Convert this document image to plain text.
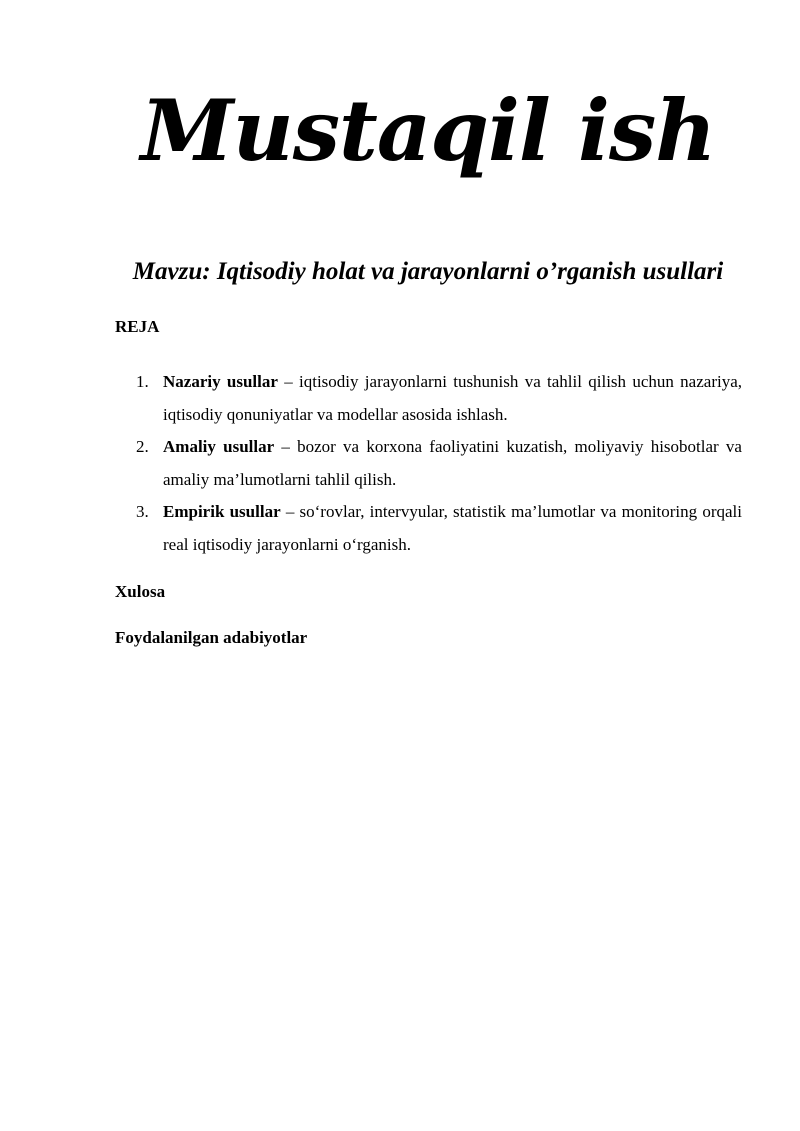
Mustaqil ish
Mavzu: Iqtisodiy holat va jarayonlarni o’rganish usullari
REJA
1. Nazariy usullar – iqtisodiy jarayonlarni tushunish va tahlil qilish uchun nazariya, iqtisodiy qonuniyatlar va modellar asosida ishlash.
2. Amaliy usullar – bozor va korxona faoliyatini kuzatish, moliyaviy hisobotlar va amaliy ma’lumotlarni tahlil qilish.
3. Empirik usullar – so‘rovlar, intervyular, statistik ma’lumotlar va monitoring orqali real iqtisodiy jarayonlarni o‘rganish.
Xulosa
Foydalanilgan adabiyotlar
